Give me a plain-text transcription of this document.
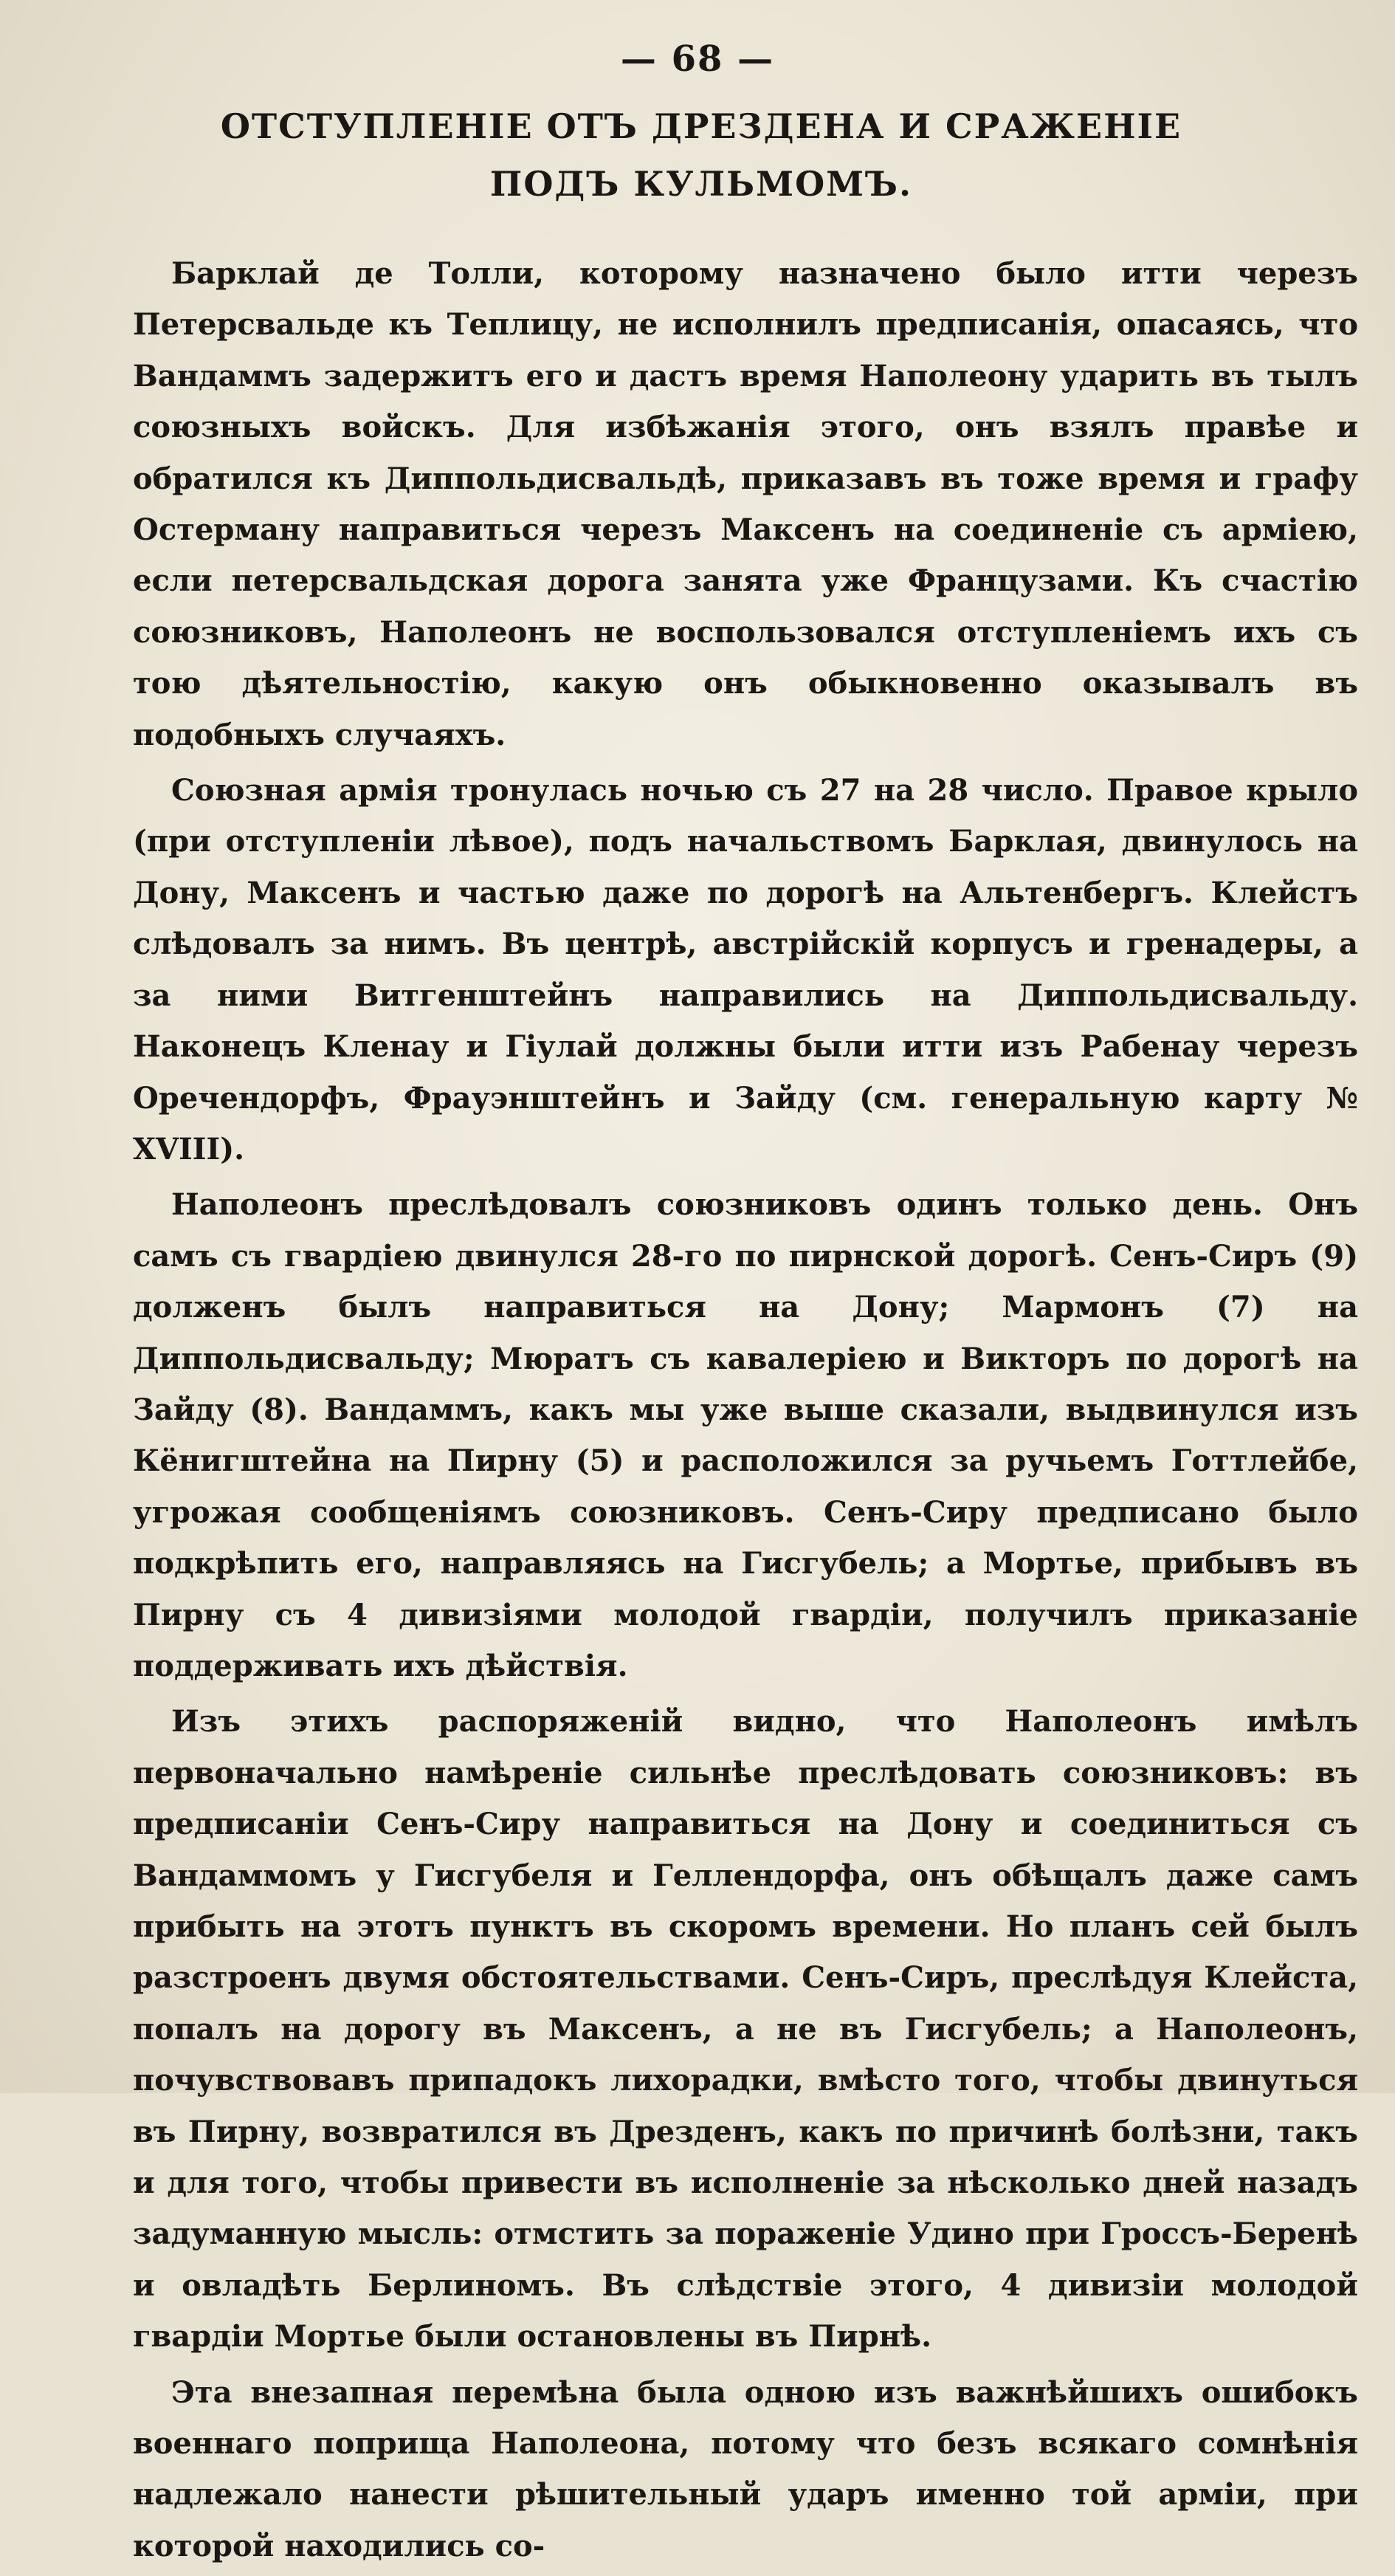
— 68 —
ОТСТУПЛЕНІЕ ОТЪ ДРЕЗДЕНА И СРАЖЕНІЕ ПОДЪ КУЛЬМОМЪ.

Барклай де Толли, которому назначено было итти черезъ Петерсвальде къ Теплицу, не исполнилъ предписанія, опасаясь, что Вандаммъ задержитъ его и дастъ время Наполеону ударить въ тылъ союзныхъ войскъ. Для избѣжанія этого, онъ взялъ правѣе и обратился къ Диппольдисвальдѣ, приказавъ въ тоже время и графу Остерману направиться черезъ Максенъ на соединеніе съ арміею, если петерсвальдская дорога занята уже Французами. Къ счастію союзниковъ, Наполеонъ не воспользовался отступленіемъ ихъ съ тою дѣятельностію, какую онъ обыкновенно оказывалъ въ подобныхъ случаяхъ.

Союзная армія тронулась ночью съ 27 на 28 число. Правое крыло (при отступленіи лѣвое), подъ начальствомъ Барклая, двинулось на Дону, Максенъ и частью даже по дорогѣ на Альтенбергъ. Клейстъ слѣдовалъ за нимъ. Въ центрѣ, австрійскій корпусъ и гренадеры, а за ними Витгенштейнъ направились на Диппольдисвальду. Наконецъ Кленау и Гіулай должны были итти изъ Рабенау черезъ Оречендорфъ, Фрауэнштейнъ и Зайду (см. генеральную карту № XVIII).

Наполеонъ преслѣдовалъ союзниковъ одинъ только день. Онъ самъ съ гвардіею двинулся 28-го по пирнской дорогѣ. Сенъ-Сиръ (9) долженъ былъ направиться на Дону; Мармонъ (7) на Диппольдисвальду; Мюратъ съ кавалеріею и Викторъ по дорогѣ на Зайду (8). Вандаммъ, какъ мы уже выше сказали, выдвинулся изъ Кёнигштейна на Пирну (5) и расположился за ручьемъ Готтлейбе, угрожая сообщеніямъ союзниковъ. Сенъ-Сиру предписано было подкрѣпить его, направляясь на Гисгубель; а Мортье, прибывъ въ Пирну съ 4 дивизіями молодой гвардіи, получилъ приказаніе поддерживать ихъ дѣйствія.

Изъ этихъ распоряженій видно, что Наполеонъ имѣлъ первоначально намѣреніе сильнѣе преслѣдовать союзниковъ: въ предписаніи Сенъ-Сиру направиться на Дону и соединиться съ Вандаммомъ у Гисгубеля и Геллендорфа, онъ обѣщалъ даже самъ прибыть на этотъ пунктъ въ скоромъ времени. Но планъ сей былъ разстроенъ двумя обстоятельствами. Сенъ-Сиръ, преслѣдуя Клейста, попалъ на дорогу въ Максенъ, а не въ Гисгубель; а Наполеонъ, почувствовавъ припадокъ лихорадки, вмѣсто того, чтобы двинуться въ Пирну, возвратился въ Дрезденъ, какъ по причинѣ болѣзни, такъ и для того, чтобы привести въ исполненіе за нѣсколько дней назадъ задуманную мысль: отмстить за пораженіе Удино при Гроссъ-Беренѣ и овладѣть Берлиномъ. Въ слѣдствіе этого, 4 дивизіи молодой гвардіи Мортье были остановлены въ Пирнѣ.

Эта внезапная перемѣна была одною изъ важнѣйшихъ ошибокъ военнаго поприща Наполеона, потому что безъ всякаго сомнѣнія надлежало нанести рѣшительный ударъ именно той арміи, при которой находились со-
